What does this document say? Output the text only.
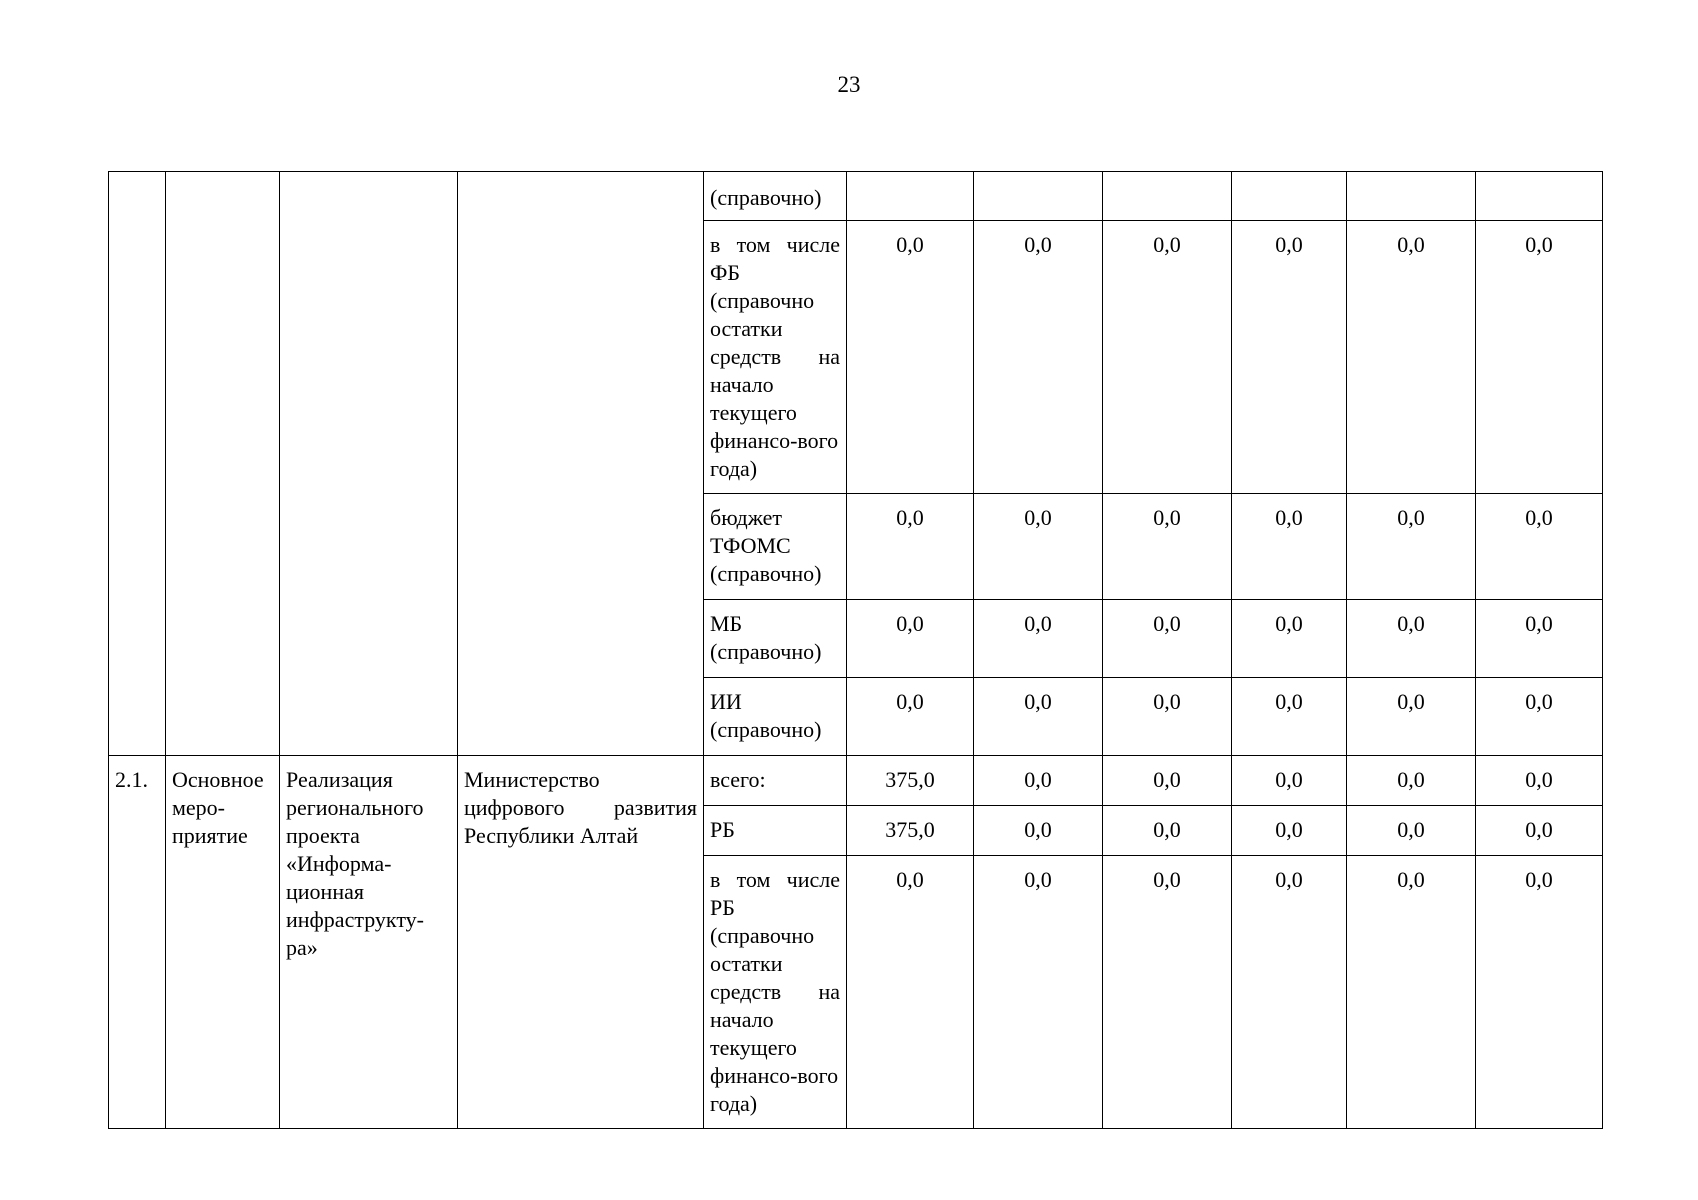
23
				(справочно)						

				в том числе ФБ (справочно остатки средств на начало текущего финансо-вого года)	0,0	0,0	0,0	0,0	0,0	0,0
				бюджет ТФОМС (справочно)	0,0	0,0	0,0	0,0	0,0	0,0
				МБ (справочно)	0,0	0,0	0,0	0,0	0,0	0,0
				ИИ (справочно)	0,0	0,0	0,0	0,0	0,0	0,0
2.1.	Основное меро-приятие	Реализация регионального проекта «Информа-ционная инфраструкту-ра»	Министерство цифрового развития Республики Алтай	всего:	375,0	0,0	0,0	0,0	0,0	0,0
				РБ	375,0	0,0	0,0	0,0	0,0	0,0
				в том числе РБ (справочно остатки средств на начало текущего финансо-вого года)	0,0	0,0	0,0	0,0	0,0	0,0
